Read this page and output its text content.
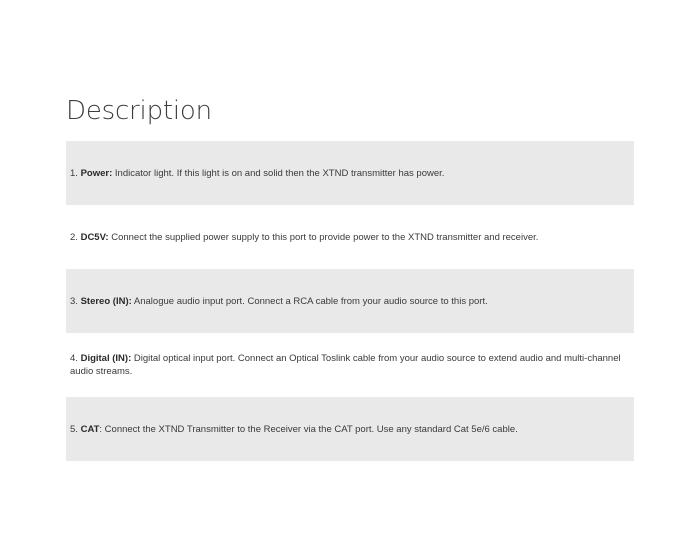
Description
1. Power: Indicator light. If this light is on and solid then the XTND transmitter has power.
2. DC5V: Connect the supplied power supply to this port to provide power to the XTND transmitter and receiver.
3. Stereo (IN): Analogue audio input port. Connect a RCA cable from your audio source to this port.
4. Digital (IN): Digital optical input port. Connect an Optical Toslink cable from your audio source to extend audio and multi-channel audio streams.
5. CAT: Connect the XTND Transmitter to the Receiver via the CAT port. Use any standard Cat 5e/6 cable.
